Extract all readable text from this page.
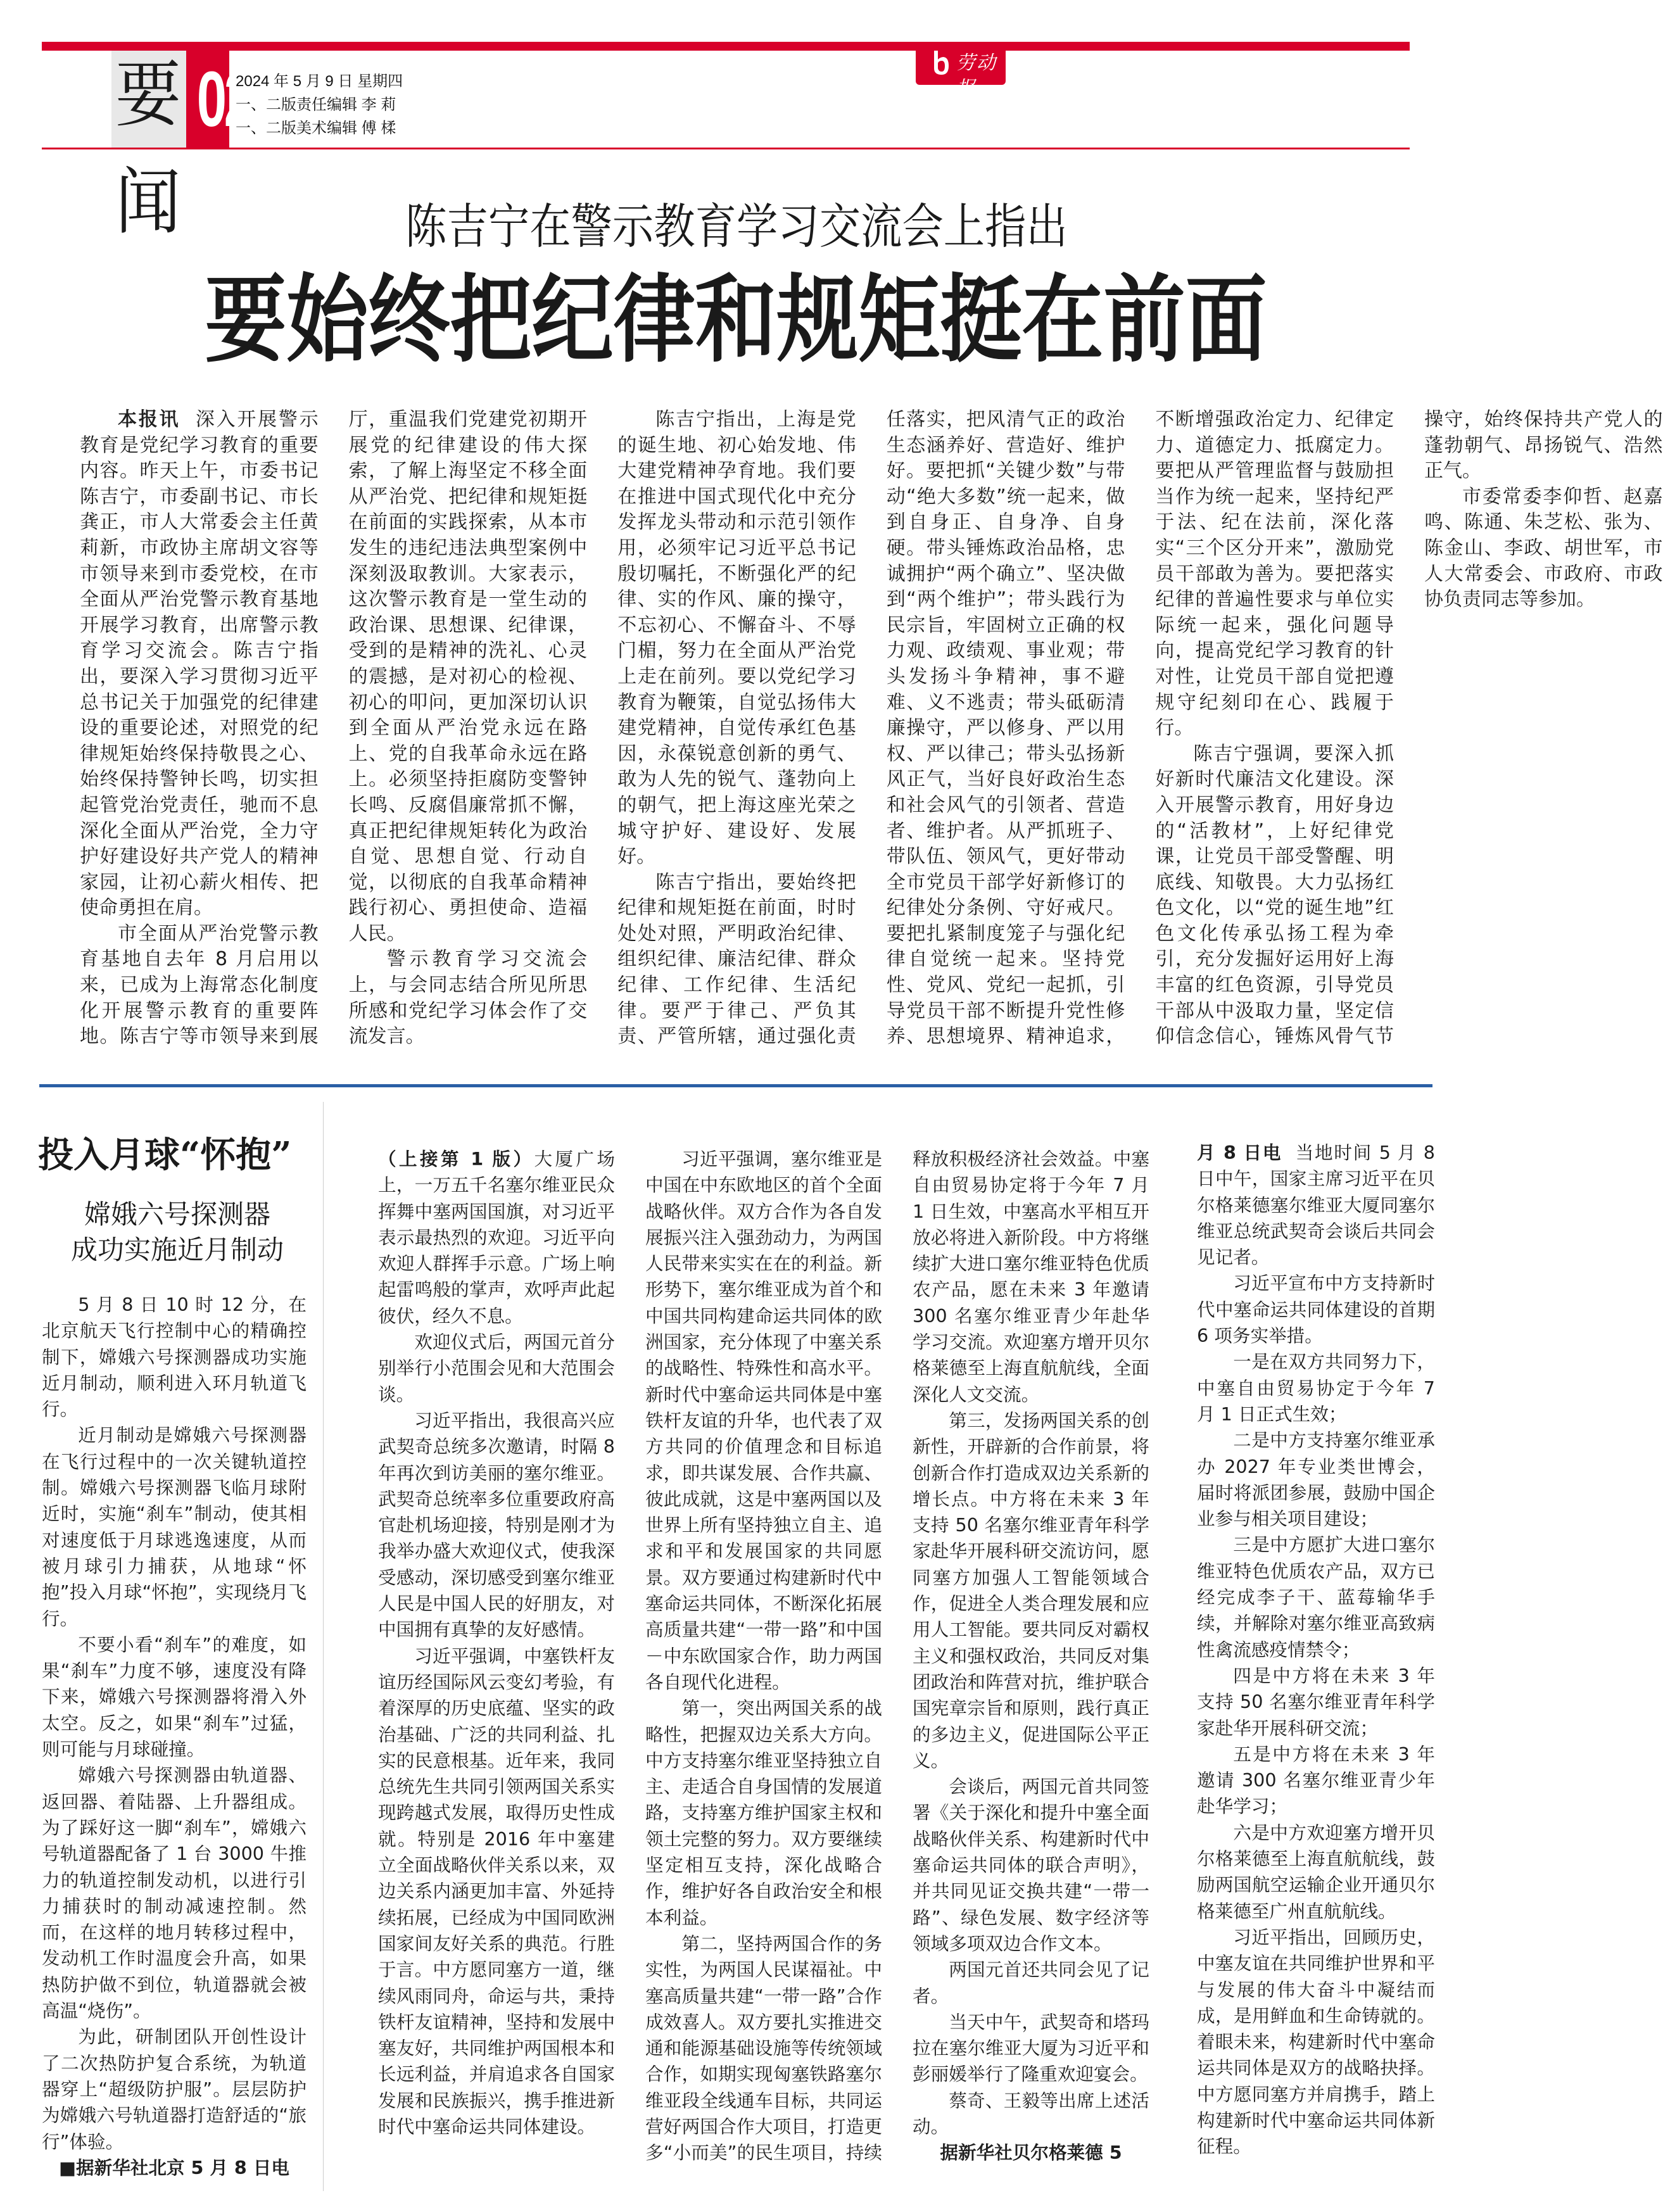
要闻
02
2024 年 5 月 9 日 星期四
一、二版责任编辑 李 莉
一、二版美术编辑 傅 楺
劳动报
陈吉宁在警示教育学习交流会上指出
要始终把纪律和规矩挺在前面

本报讯 深入开展警示教育是党纪学习教育的重要内容。昨天上午，市委书记陈吉宁，市委副书记、市长龚正，市人大常委会主任黄莉新，市政协主席胡文容等市领导来到市委党校，在市全面从严治党警示教育基地开展学习教育，出席警示教育学习交流会。陈吉宁指出，要深入学习贯彻习近平总书记关于加强党的纪律建设的重要论述，对照党的纪律规矩始终保持敬畏之心、始终保持警钟长鸣，切实担起管党治党责任，驰而不息深化全面从严治党，全力守护好建设好共产党人的精神家园，让初心薪火相传、把使命勇担在肩。

市全面从严治党警示教育基地自去年 8 月启用以来，已成为上海常态化制度化开展警示教育的重要阵地。陈吉宁等市领导来到展厅，重温我们党建党初期开展党的纪律建设的伟大探索，了解上海坚定不移全面从严治党、把纪律和规矩挺在前面的实践探索，从本市发生的违纪违法典型案例中深刻汲取教训。大家表示，这次警示教育是一堂生动的政治课、思想课、纪律课，受到的是精神的洗礼、心灵的震撼，是对初心的检视、初心的叩问，更加深切认识到全面从严治党永远在路上、党的自我革命永远在路上。必须坚持拒腐防变警钟长鸣、反腐倡廉常抓不懈，真正把纪律规矩转化为政治自觉、思想自觉、行动自觉，以彻底的自我革命精神践行初心、勇担使命、造福人民。

警示教育学习交流会上，与会同志结合所见所思所感和党纪学习体会作了交流发言。

陈吉宁指出，上海是党的诞生地、初心始发地、伟大建党精神孕育地。我们要在推进中国式现代化中充分发挥龙头带动和示范引领作用，必须牢记习近平总书记殷切嘱托，不断强化严的纪律、实的作风、廉的操守，不忘初心、不懈奋斗、不辱门楣，努力在全面从严治党上走在前列。要以党纪学习教育为鞭策，自觉弘扬伟大建党精神，自觉传承红色基因，永葆锐意创新的勇气、敢为人先的锐气、蓬勃向上的朝气，把上海这座光荣之城守护好、建设好、发展好。

陈吉宁指出，要始终把纪律和规矩挺在前面，时时处处对照，严明政治纪律、组织纪律、廉洁纪律、群众纪律、工作纪律、生活纪律。要严于律己、严负其责、严管所辖，通过强化责任落实，把风清气正的政治生态涵养好、营造好、维护好。要把抓“关键少数”与带动“绝大多数”统一起来，做到自身正、自身净、自身硬。带头锤炼政治品格，忠诚拥护“两个确立”、坚决做到“两个维护”；带头践行为民宗旨，牢固树立正确的权力观、政绩观、事业观；带头发扬斗争精神，事不避难、义不逃责；带头砥砺清廉操守，严以修身、严以用权、严以律己；带头弘扬新风正气，当好良好政治生态和社会风气的引领者、营造者、维护者。从严抓班子、带队伍、领风气，更好带动全市党员干部学好新修订的纪律处分条例、守好戒尺。要把扎紧制度笼子与强化纪律自觉统一起来。坚持党性、党风、党纪一起抓，引导党员干部不断提升党性修养、思想境界、精神追求，不断增强政治定力、纪律定力、道德定力、抵腐定力。要把从严管理监督与鼓励担当作为统一起来，坚持纪严于法、纪在法前，深化落实“三个区分开来”，激励党员干部敢为善为。要把落实纪律的普遍性要求与单位实际统一起来，强化问题导向，提高党纪学习教育的针对性，让党员干部自觉把遵规守纪刻印在心、践履于行。

陈吉宁强调，要深入抓好新时代廉洁文化建设。深入开展警示教育，用好身边的“活教材”，上好纪律党课，让党员干部受警醒、明底线、知敬畏。大力弘扬红色文化，以“党的诞生地”红色文化传承弘扬工程为牵引，充分发掘好运用好上海丰富的红色资源，引导党员干部从中汲取力量，坚定信仰信念信心，锤炼风骨气节操守，始终保持共产党人的蓬勃朝气、昂扬锐气、浩然正气。

市委常委李仰哲、赵嘉鸣、陈通、朱芝松、张为、陈金山、李政、胡世军，市人大常委会、市政府、市政协负责同志等参加。

投入月球“怀抱”
嫦娥六号探测器
成功实施近月制动

5 月 8 日 10 时 12 分，在北京航天飞行控制中心的精确控制下，嫦娥六号探测器成功实施近月制动，顺利进入环月轨道飞行。

近月制动是嫦娥六号探测器在飞行过程中的一次关键轨道控制。嫦娥六号探测器飞临月球附近时，实施“刹车”制动，使其相对速度低于月球逃逸速度，从而被月球引力捕获，从地球“怀抱”投入月球“怀抱”，实现绕月飞行。

不要小看“刹车”的难度，如果“刹车”力度不够，速度没有降下来，嫦娥六号探测器将滑入外太空。反之，如果“刹车”过猛，则可能与月球碰撞。

嫦娥六号探测器由轨道器、返回器、着陆器、上升器组成。为了踩好这一脚“刹车”，嫦娥六号轨道器配备了 1 台 3000 牛推力的轨道控制发动机，以进行引力捕获时的制动减速控制。然而，在这样的地月转移过程中，发动机工作时温度会升高，如果热防护做不到位，轨道器就会被高温“烧伤”。

为此，研制团队开创性设计了二次热防护复合系统，为轨道器穿上“超级防护服”。层层防护为嫦娥六号轨道器打造舒适的“旅行”体验。

■据新华社北京 5 月 8 日电

（上接第 1 版）大厦广场上，一万五千名塞尔维亚民众挥舞中塞两国国旗，对习近平表示最热烈的欢迎。习近平向欢迎人群挥手示意。广场上响起雷鸣般的掌声，欢呼声此起彼伏，经久不息。

欢迎仪式后，两国元首分别举行小范围会见和大范围会谈。

习近平指出，我很高兴应武契奇总统多次邀请，时隔 8 年再次到访美丽的塞尔维亚。武契奇总统率多位重要政府高官赴机场迎接，特别是刚才为我举办盛大欢迎仪式，使我深受感动，深切感受到塞尔维亚人民是中国人民的好朋友，对中国拥有真挚的友好感情。

习近平强调，中塞铁杆友谊历经国际风云变幻考验，有着深厚的历史底蕴、坚实的政治基础、广泛的共同利益、扎实的民意根基。近年来，我同总统先生共同引领两国关系实现跨越式发展，取得历史性成就。特别是 2016 年中塞建立全面战略伙伴关系以来，双边关系内涵更加丰富、外延持续拓展，已经成为中国同欧洲国家间友好关系的典范。行胜于言。中方愿同塞方一道，继续风雨同舟，命运与共，秉持铁杆友谊精神，坚持和发展中塞友好，共同维护两国根本和长远利益，并肩追求各自国家发展和民族振兴，携手推进新时代中塞命运共同体建设。

习近平强调，塞尔维亚是中国在中东欧地区的首个全面战略伙伴。双方合作为各自发展振兴注入强劲动力，为两国人民带来实实在在的利益。新形势下，塞尔维亚成为首个和中国共同构建命运共同体的欧洲国家，充分体现了中塞关系的战略性、特殊性和高水平。新时代中塞命运共同体是中塞铁杆友谊的升华，也代表了双方共同的价值理念和目标追求，即共谋发展、合作共赢、彼此成就，这是中塞两国以及世界上所有坚持独立自主、追求和平和发展国家的共同愿景。双方要通过构建新时代中塞命运共同体，不断深化拓展高质量共建“一带一路”和中国－中东欧国家合作，助力两国各自现代化进程。

第一，突出两国关系的战略性，把握双边关系大方向。中方支持塞尔维亚坚持独立自主、走适合自身国情的发展道路，支持塞方维护国家主权和领土完整的努力。双方要继续坚定相互支持，深化战略合作，维护好各自政治安全和根本利益。

第二，坚持两国合作的务实性，为两国人民谋福祉。中塞高质量共建“一带一路”合作成效喜人。双方要扎实推进交通和能源基础设施等传统领域合作，如期实现匈塞铁路塞尔维亚段全线通车目标，共同运营好两国合作大项目，打造更多“小而美”的民生项目，持续释放积极经济社会效益。中塞自由贸易协定将于今年 7 月 1 日生效，中塞高水平相互开放必将进入新阶段。中方将继续扩大进口塞尔维亚特色优质农产品，愿在未来 3 年邀请 300 名塞尔维亚青少年赴华学习交流。欢迎塞方增开贝尔格莱德至上海直航航线，全面深化人文交流。

第三，发扬两国关系的创新性，开辟新的合作前景，将创新合作打造成双边关系新的增长点。中方将在未来 3 年支持 50 名塞尔维亚青年科学家赴华开展科研交流访问，愿同塞方加强人工智能领域合作，促进全人类合理发展和应用人工智能。要共同反对霸权主义和强权政治，共同反对集团政治和阵营对抗，维护联合国宪章宗旨和原则，践行真正的多边主义，促进国际公平正义。

会谈后，两国元首共同签署《关于深化和提升中塞全面战略伙伴关系、构建新时代中塞命运共同体的联合声明》，并共同见证交换共建“一带一路”、绿色发展、数字经济等领域多项双边合作文本。

两国元首还共同会见了记者。

当天中午，武契奇和塔玛拉在塞尔维亚大厦为习近平和彭丽媛举行了隆重欢迎宴会。

蔡奇、王毅等出席上述活动。

据新华社贝尔格莱德 5

月 8 日电 当地时间 5 月 8 日中午，国家主席习近平在贝尔格莱德塞尔维亚大厦同塞尔维亚总统武契奇会谈后共同会见记者。

习近平宣布中方支持新时代中塞命运共同体建设的首期 6 项务实举措。

一是在双方共同努力下，中塞自由贸易协定于今年 7 月 1 日正式生效；

二是中方支持塞尔维亚承办 2027 年专业类世博会，届时将派团参展，鼓励中国企业参与相关项目建设；

三是中方愿扩大进口塞尔维亚特色优质农产品，双方已经完成李子干、蓝莓输华手续，并解除对塞尔维亚高致病性禽流感疫情禁令；

四是中方将在未来 3 年支持 50 名塞尔维亚青年科学家赴华开展科研交流；

五是中方将在未来 3 年邀请 300 名塞尔维亚青少年赴华学习；

六是中方欢迎塞方增开贝尔格莱德至上海直航航线，鼓励两国航空运输企业开通贝尔格莱德至广州直航航线。

习近平指出，回顾历史，中塞友谊在共同维护世界和平与发展的伟大奋斗中凝结而成，是用鲜血和生命铸就的。着眼未来，构建新时代中塞命运共同体是双方的战略抉择。中方愿同塞方并肩携手，踏上构建新时代中塞命运共同体新征程。
